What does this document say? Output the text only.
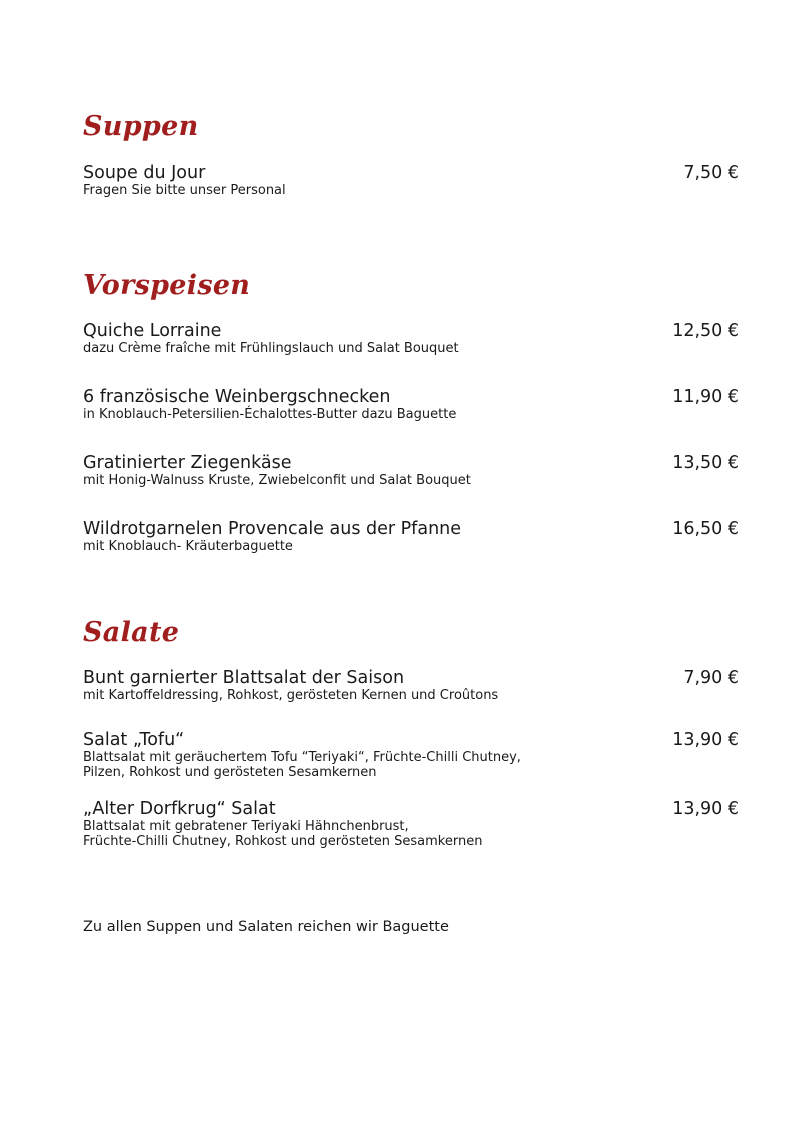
Suppen
Soupe du Jour
Fragen Sie bitte unser Personal
7,50 €
Vorspeisen
Quiche Lorraine
dazu Crème fraîche mit Frühlingslauch und Salat Bouquet
12,50 €
6 französische Weinbergschnecken
in Knoblauch-Petersilien-Échalottes-Butter dazu Baguette
11,90 €
Gratinierter Ziegenkäse
mit Honig-Walnuss Kruste, Zwiebelconfit und Salat Bouquet
13,50 €
Wildrotgarnelen Provencale aus der Pfanne
mit Knoblauch- Kräuterbaguette
16,50 €
Salate
Bunt garnierter Blattsalat der Saison
mit Kartoffeldressing, Rohkost, gerösteten Kernen und Croûtons
7,90 €
Salat „Tofu“
Blattsalat mit geräuchertem Tofu “Teriyaki“, Früchte-Chilli Chutney,
Pilzen, Rohkost und gerösteten Sesamkernen
13,90 €
„Alter Dorfkrug“ Salat
Blattsalat mit gebratener Teriyaki Hähnchenbrust,
Früchte-Chilli Chutney, Rohkost und gerösteten Sesamkernen
13,90 €
Zu allen Suppen und Salaten reichen wir Baguette
